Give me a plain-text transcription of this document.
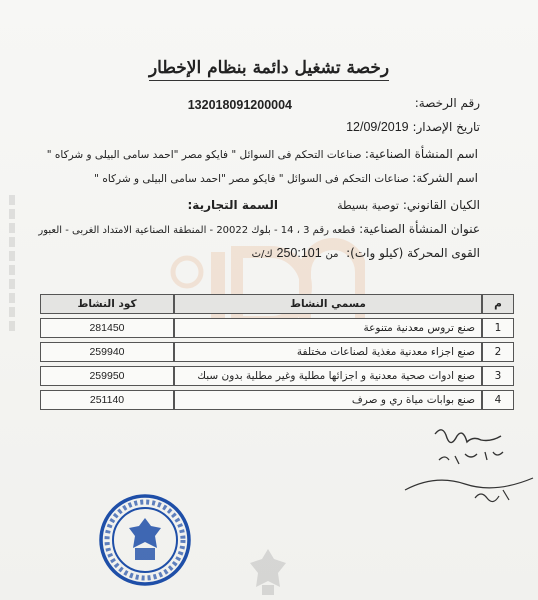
رخصة تشغيل دائمة بنظام الإخطار
رقم الرخصة:
132018091200004
تاريخ الإصدار: 12/09/2019
اسم المنشأة الصناعية: صناعات التحكم فى السوائل " فايكو مصر "احمد سامى البيلى و شركاه "
اسم الشركة: صناعات التحكم فى السوائل " فايكو مصر "احمد سامى البيلى و شركاه "
الكيان القانوني: توصية بسيطة
السمة التجارية:
عنوان المنشأة الصناعية: قطعه رقم 3 ، 14 - بلوك 20022 - المنطقة الصناعية الامتداد الغربى - العبور
القوى المحركة (كيلو وات):  من 250:101 ك/ث
م	مسمي النشاط	كود النشاط
1	صنع تروس معدنية متنوعة	281450
2	صنع اجزاء معدنية مغذية لصناعات مختلفة	259940
3	صنع ادوات صحية معدنية و اجزائها مطلية وغير مطلية بدون سبك	259950
4	صنع بوابات مياة ري و صرف	251140
